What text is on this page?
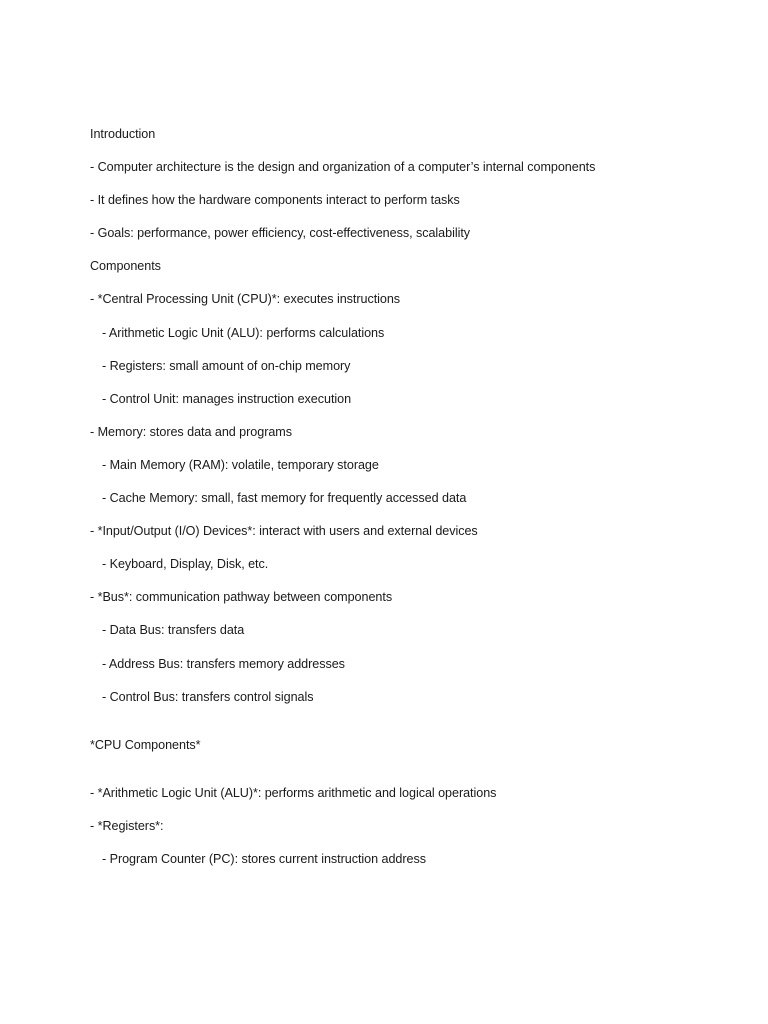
Introduction
- Computer architecture is the design and organization of a computer’s internal components
- It defines how the hardware components interact to perform tasks
- Goals: performance, power efficiency, cost-effectiveness, scalability
Components
- *Central Processing Unit (CPU)*: executes instructions
- Arithmetic Logic Unit (ALU): performs calculations
- Registers: small amount of on-chip memory
- Control Unit: manages instruction execution
- Memory: stores data and programs
- Main Memory (RAM): volatile, temporary storage
- Cache Memory: small, fast memory for frequently accessed data
- *Input/Output (I/O) Devices*: interact with users and external devices
- Keyboard, Display, Disk, etc.
- *Bus*: communication pathway between components
- Data Bus: transfers data
- Address Bus: transfers memory addresses
- Control Bus: transfers control signals
*CPU Components*
- *Arithmetic Logic Unit (ALU)*: performs arithmetic and logical operations
- *Registers*:
- Program Counter (PC): stores current instruction address
